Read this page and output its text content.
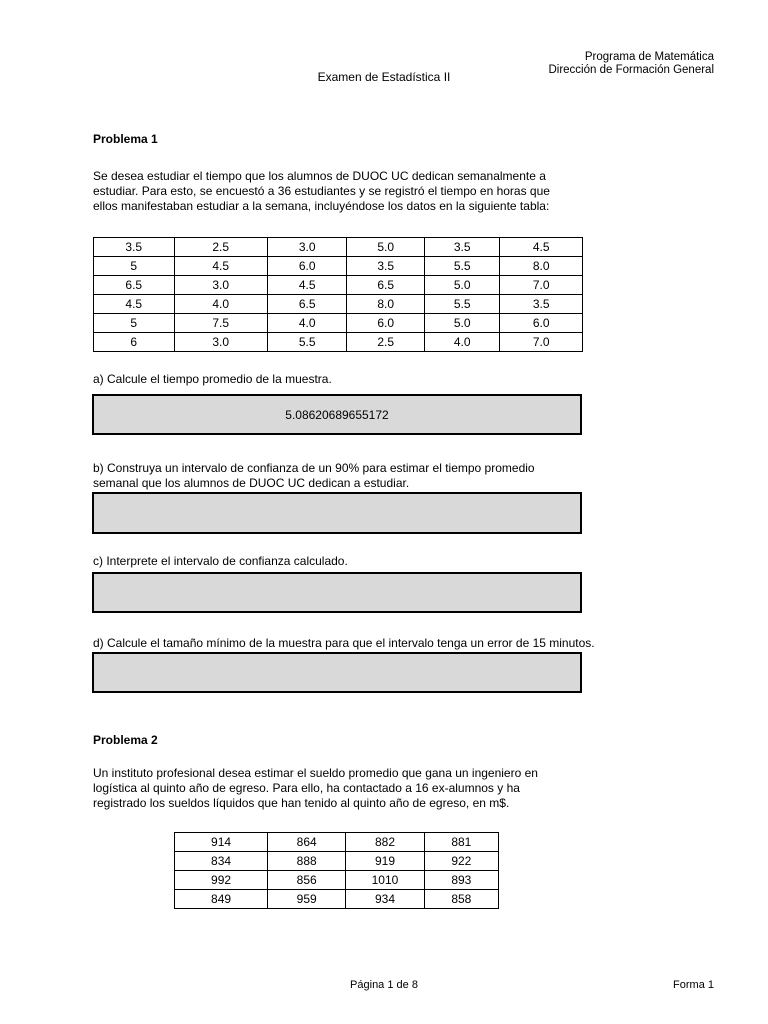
Programa de Matemática
Dirección de Formación General
Examen de Estadística II
Problema 1
Se desea estudiar el tiempo que los alumnos de DUOC UC dedican semanalmente a
estudiar. Para esto, se encuestó a 36 estudiantes y se registró el tiempo en horas que
ellos manifestaban estudiar a la semana, incluyéndose los datos en la siguiente tabla:
3.5	2.5	3.0	5.0	3.5	4.5
5	4.5	6.0	3.5	5.5	8.0
6.5	3.0	4.5	6.5	5.0	7.0
4.5	4.0	6.5	8.0	5.5	3.5
5	7.5	4.0	6.0	5.0	6.0
6	3.0	5.5	2.5	4.0	7.0
a) Calcule el tiempo promedio de la muestra.
5.08620689655172
b) Construya un intervalo de confianza de un 90% para estimar el tiempo promedio
semanal que los alumnos de DUOC UC dedican a estudiar.
c) Interprete el intervalo de confianza calculado.
d) Calcule el tamaño mínimo de la muestra para que el intervalo tenga un error de 15 minutos.
Problema 2
Un instituto profesional desea estimar el sueldo promedio que gana un ingeniero en
logística al quinto año de egreso. Para ello, ha contactado a 16 ex-alumnos y ha
registrado los sueldos líquidos que han tenido al quinto año de egreso, en m$.
914	864	882	881
834	888	919	922
992	856	1010	893
849	959	934	858
Página 1 de 8	Forma 1
